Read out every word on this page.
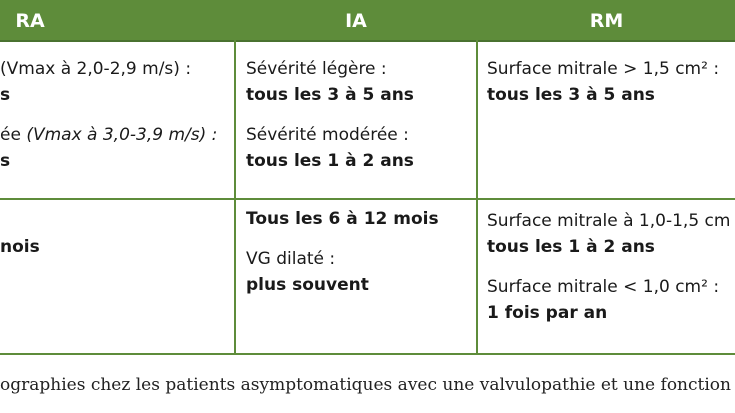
RA	IA	RM
(Vmax à 2,0-2,9 m/s) :
s
ée (Vmax à 3,0-3,9 m/s) :
s
Sévérité légère :
tous les 3 à 5 ans
Sévérité modérée :
tous les 1 à 2 ans
Surface mitrale > 1,5 cm² :
tous les 3 à 5 ans
nois
Tous les 6 à 12 mois
VG dilaté :
plus souvent
Surface mitrale à 1,0-1,5 cm
tous les 1 à 2 ans
Surface mitrale < 1,0 cm² :
1 fois par an
ographies chez les patients asymptomatiques avec une valvulopathie et une fonction
